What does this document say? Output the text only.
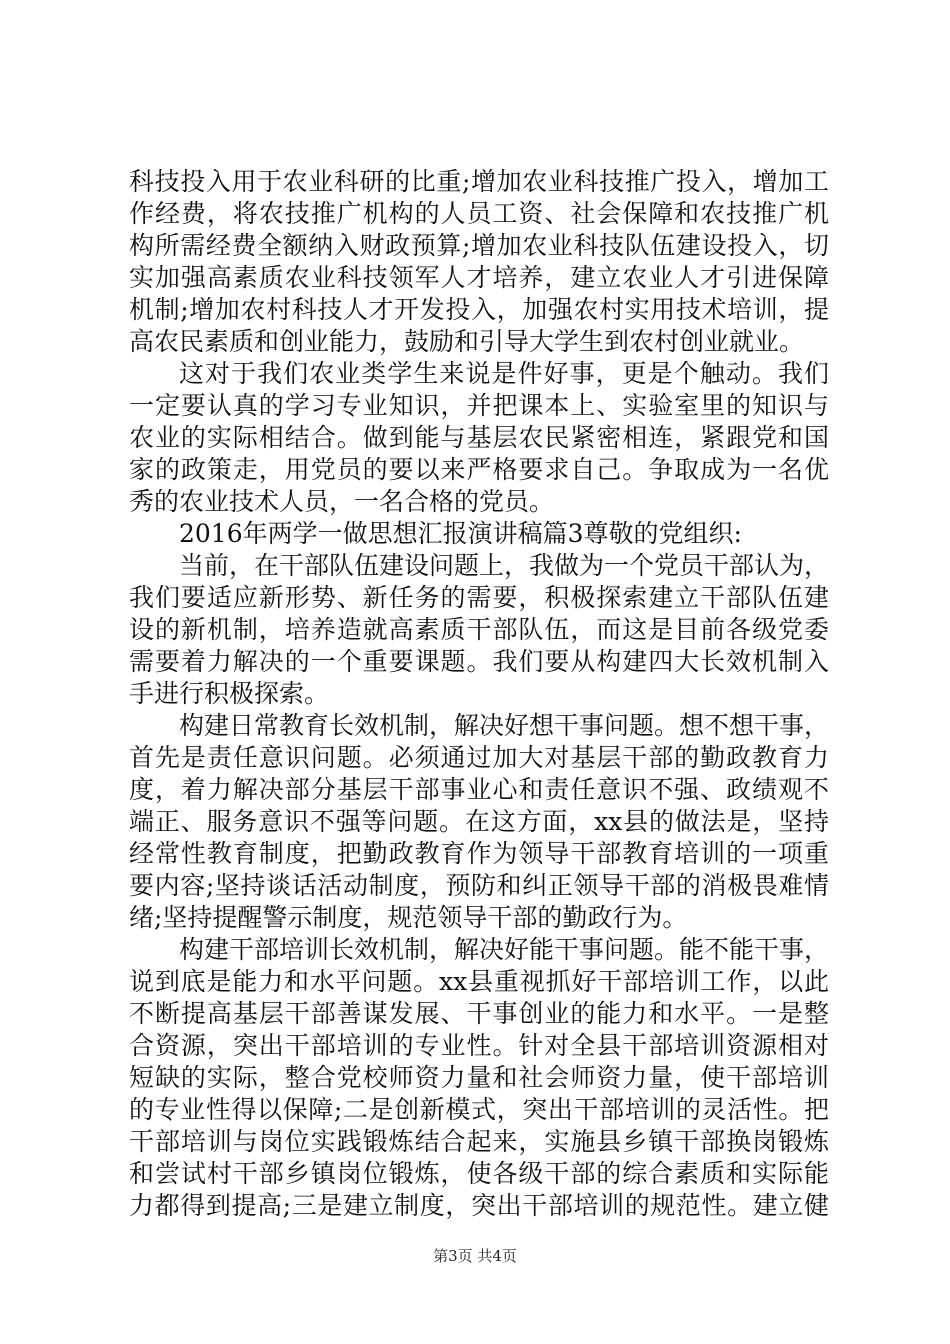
科技投入用于农业科研的比重;增加农业科技推广投入，增加工
作经费，将农技推广机构的人员工资、社会保障和农技推广机
构所需经费全额纳入财政预算;增加农业科技队伍建设投入，切
实加强高素质农业科技领军人才培养，建立农业人才引进保障
机制;增加农村科技人才开发投入，加强农村实用技术培训，提
高农民素质和创业能力，鼓励和引导大学生到农村创业就业。
这对于我们农业类学生来说是件好事，更是个触动。我们
一定要认真的学习专业知识，并把课本上、实验室里的知识与
农业的实际相结合。做到能与基层农民紧密相连，紧跟党和国
家的政策走，用党员的要以来严格要求自己。争取成为一名优
秀的农业技术人员，一名合格的党员。
2016年两学一做思想汇报演讲稿篇3尊敬的党组织:
当前，在干部队伍建设问题上，我做为一个党员干部认为，
我们要适应新形势、新任务的需要，积极探索建立干部队伍建
设的新机制，培养造就高素质干部队伍，而这是目前各级党委
需要着力解决的一个重要课题。我们要从构建四大长效机制入
手进行积极探索。
构建日常教育长效机制，解决好想干事问题。想不想干事，
首先是责任意识问题。必须通过加大对基层干部的勤政教育力
度，着力解决部分基层干部事业心和责任意识不强、政绩观不
端正、服务意识不强等问题。在这方面，xx县的做法是，坚持
经常性教育制度，把勤政教育作为领导干部教育培训的一项重
要内容;坚持谈话活动制度，预防和纠正领导干部的消极畏难情
绪;坚持提醒警示制度，规范领导干部的勤政行为。
构建干部培训长效机制，解决好能干事问题。能不能干事，
说到底是能力和水平问题。xx县重视抓好干部培训工作，以此
不断提高基层干部善谋发展、干事创业的能力和水平。一是整
合资源，突出干部培训的专业性。针对全县干部培训资源相对
短缺的实际，整合党校师资力量和社会师资力量，使干部培训
的专业性得以保障;二是创新模式，突出干部培训的灵活性。把
干部培训与岗位实践锻炼结合起来，实施县乡镇干部换岗锻炼
和尝试村干部乡镇岗位锻炼，使各级干部的综合素质和实际能
力都得到提高;三是建立制度，突出干部培训的规范性。建立健
第3页 共4页
